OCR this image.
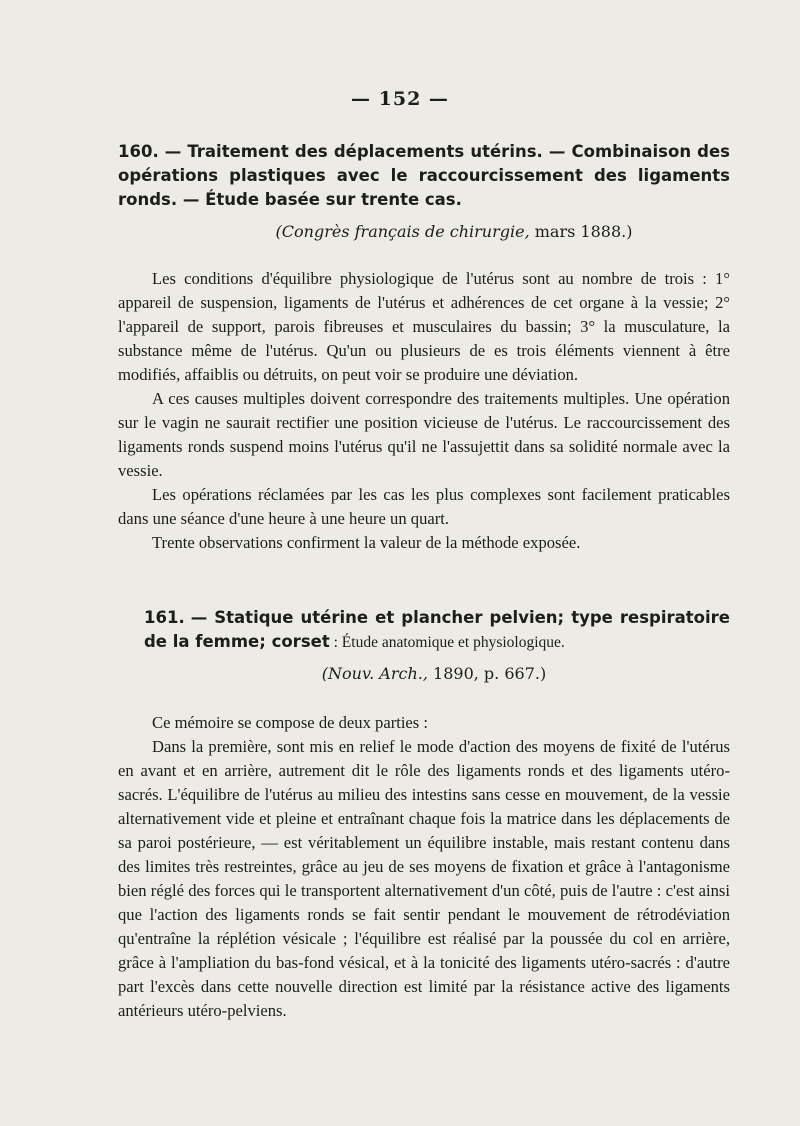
— 152 —
160. — Traitement des déplacements utérins. — Combinaison des opérations plastiques avec le raccourcissement des ligaments ronds. — Étude basée sur trente cas.

(Congrès français de chirurgie, mars 1888.)

Les conditions d'équilibre physiologique de l'utérus sont au nombre de trois : 1° appareil de suspension, ligaments de l'utérus et adhérences de cet organe à la vessie; 2° l'appareil de support, parois fibreuses et musculaires du bassin; 3° la musculature, la substance même de l'utérus. Qu'un ou plusieurs de es trois éléments viennent à être modifiés, affaiblis ou détruits, on peut voir se produire une déviation.

A ces causes multiples doivent correspondre des traitements multiples. Une opération sur le vagin ne saurait rectifier une position vicieuse de l'utérus. Le raccourcissement des ligaments ronds suspend moins l'utérus qu'il ne l'assujettit dans sa solidité normale avec la vessie.

Les opérations réclamées par les cas les plus complexes sont facilement praticables dans une séance d'une heure à une heure un quart.

Trente observations confirment la valeur de la méthode exposée.

161. — Statique utérine et plancher pelvien; type respiratoire de la femme; corset : Étude anatomique et physiologique.

(Nouv. Arch., 1890, p. 667.)

Ce mémoire se compose de deux parties :

Dans la première, sont mis en relief le mode d'action des moyens de fixité de l'utérus en avant et en arrière, autrement dit le rôle des ligaments ronds et des ligaments utéro-sacrés. L'équilibre de l'utérus au milieu des intestins sans cesse en mouvement, de la vessie alternativement vide et pleine et entraînant chaque fois la matrice dans les déplacements de sa paroi postérieure, — est véritablement un équilibre instable, mais restant contenu dans des limites très restreintes, grâce au jeu de ses moyens de fixation et grâce à l'antagonisme bien réglé des forces qui le transportent alternativement d'un côté, puis de l'autre : c'est ainsi que l'action des ligaments ronds se fait sentir pendant le mouvement de rétrodéviation qu'entraîne la réplétion vésicale ; l'équilibre est réalisé par la poussée du col en arrière, grâce à l'ampliation du bas-fond vésical, et à la tonicité des ligaments utéro-sacrés : d'autre part l'excès dans cette nouvelle direction est limité par la résistance active des ligaments antérieurs utéro-pelviens.
